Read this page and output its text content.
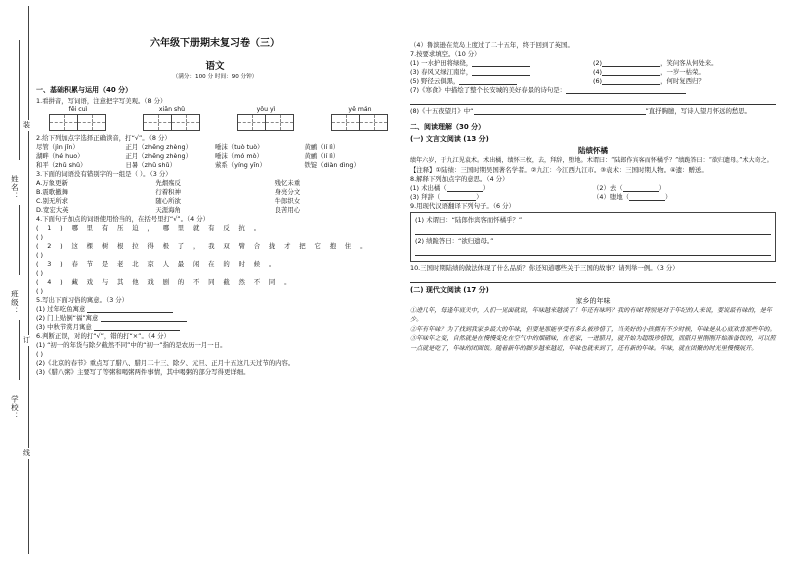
姓名：
班级：
学校：
装
订
线
六年级下册期末复习卷（三）
语文
（满分：100 分 时间：90 分钟）
一、基础积累与运用（40 分）
1.看拼音，写词语，注意把字写美观。（8 分）
fēi cuì	xiān shǔ	yǒu yì	yě mán
2.给下列加点字选择正确读音，打“√”。（8 分）
尽管（jìn jǐn）	正月（zhēng zhèng）	唾沫（tuò tuò）	黄鹂（lí lì）
湖畔（hé huo）	正月（zhēng zhèng）	唾沫（mó mò）	黄鹂（lí lì）
和平（zhǔ shǔ）	日暑（zhǔ shǔ）	萦系（yíng yīn）	铁锭（diàn dìng）
3.下面的词语没有错别字的一组是（ ）。（3 分）
A.万象更新	先烟殇反	残忆未重
B.震歌撤舞	行着积神	身亮分文
C.别无所求	随心所欲	牛郎织女
D.宽宏大英	天涯海角	良苦用心
4.下面句子加点的词语使用恰当的，在括号里打“√”。（4 分）
(1)哪里有压迫，哪里就有反抗。
( )
(2)这棵树根拉得极了，我双臂合拢才把它抱住。
( )
(3)春节是老北京人最闲在的时候。
( )
(4)藏戏与其他戏剧的不同截然不同。
( )
5.写出下面习俗的寓意。（3 分）
(1) 过年吃鱼寓意
(2) 门上贴倒“福”寓意
(3) 中秋节赏月寓意
6.判断正误，对的打“√”，错的打“×”。（4 分）
(1) “初一的年货与除夕截然不同”中的“初一”指的是农历一月一日。
( )
(2)《北京的春节》重点写了腊八、腊月二十三、除夕、元旦、正月十五这几天过节的内容。
(3)《腊八粥》主要写了等粥和喝粥两件事情，其中喝粥的部分写得更详细。
（4）鲁滨逊在荒岛上度过了二十五年，终于回到了英国。
7.按要求填空。（10 分）
(1) 一水护田将绿绕，	(2)	，笑问客从何处来。
(3) 春风又绿江南岸，	(4)	，一岁一枯荣。
(5) 野径云俱黑，	(6)	，何时复西归？
(7)《寒食》中描绘了整个长安城的美好春景的诗句是：
(8)《十五夜望月》中“	”直抒胸臆，写诗人望月怀远的愁思。
二、阅读理解（30 分）
(一) 文言文阅读 (13 分)
陆绩怀橘
绩年六岁，于九江见袁术。术出橘，绩怀三枚，去，拜辞，堕地。术谓曰：“陆郎作宾客而怀橘乎？”绩跪答曰：“欲归遗母。”术大奇之。
【注释】①陆绩：三国时期吴国著名学者。②九江：今江西九江市。③袁术：三国时期人物。④遗：赠送。
8.解释下列加点字的意思。（4 分）
(1) 术出橘（	）	（2）去（	）
(3) 拜辞（	）	（4）堕地（	）
9.用现代汉语翻译下列句子。（6 分）
(1) 术谓曰：“陆郎作宾客而怀橘乎？”
(2) 绩跪答曰：“欲归遗母。”
10.三国时期陆绩的做法体现了什么品质？你还知道哪些关于三国的故事？请列举一例。（3 分）
(二) 现代文阅读 (17 分)
家乡的年味
①进几年，每逢年底关中，人们一见面就说，年味越来越淡了！年还有味吗？我的有味!特别是对于年纪的人来说，要说最有味的，是年少。
②年有年味？为了找到我家乡最大的年味，但要是那能享受有多么被珍惜了，当美好的小孩拥有不少时候，年味是从心底欢喜那些年的。
③年味年之变，自然就是在慢慢变化在空气中的烟硝味，在老家，一进腊月，就开始为超级珍惜饭，而腊月里刚刚开始准备饭的，可以煎一点就是吃了，年味的团圆饭。随着新年的脚步越来越近，年味也就来到了，还有新的年味。年味，就在团聚的时光里慢慢展开。
